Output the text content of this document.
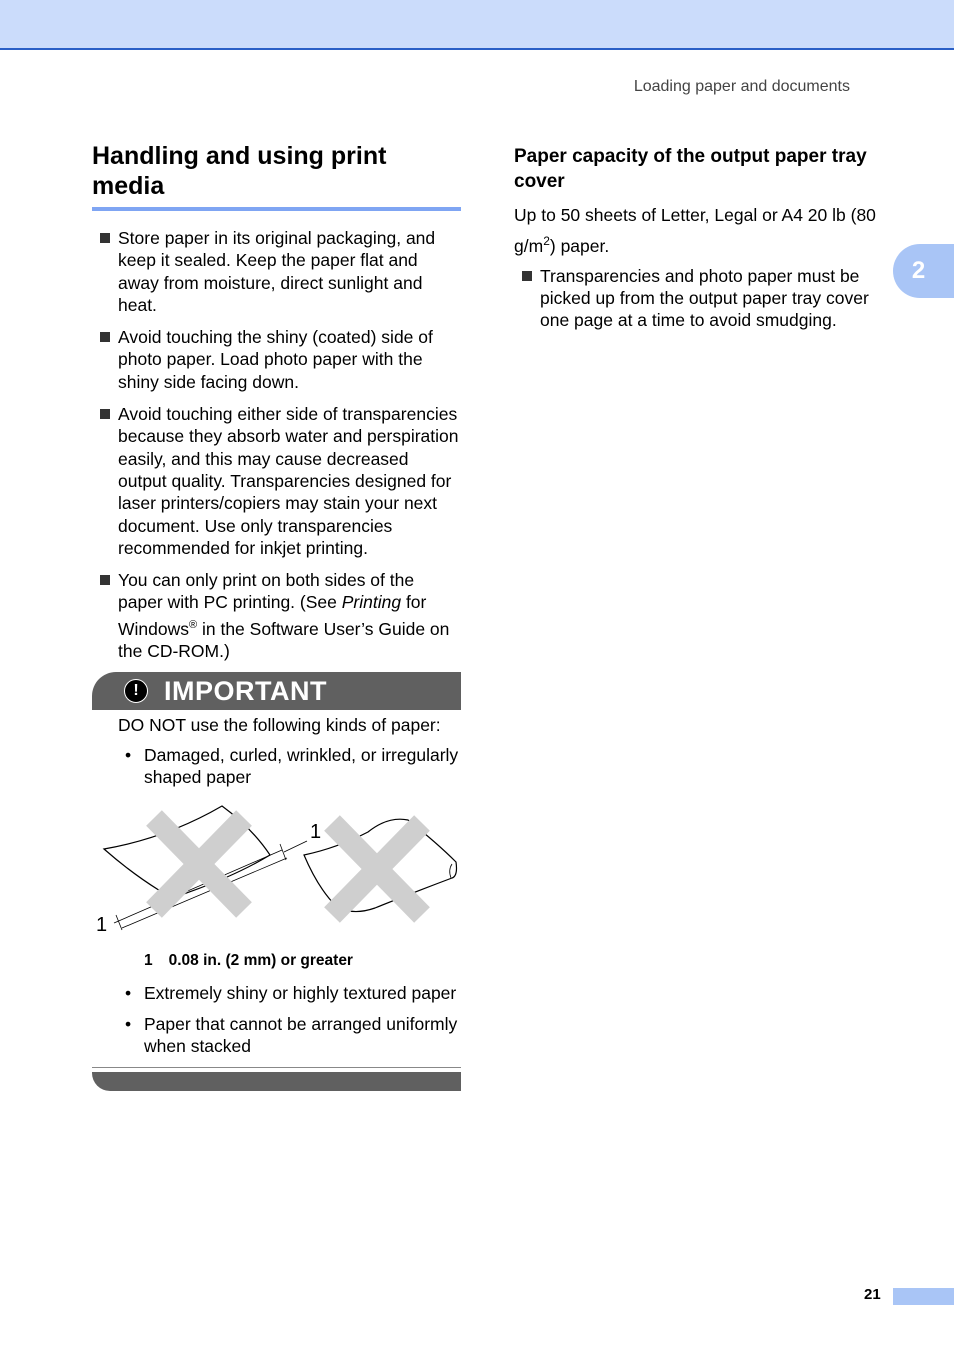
Loading paper and documents
2
Handling and using print media
Store paper in its original packaging, and keep it sealed. Keep the paper flat and away from moisture, direct sunlight and heat.
Avoid touching the shiny (coated) side of photo paper. Load photo paper with the shiny side facing down.
Avoid touching either side of transparencies because they absorb water and perspiration easily, and this may cause decreased output quality. Transparencies designed for laser printers/copiers may stain your next document. Use only transparencies recommended for inkjet printing.
You can only print on both sides of the paper with PC printing. (See Printing for Windows® in the Software User’s Guide on the CD-ROM.)
! IMPORTANT
DO NOT use the following kinds of paper:
• Damaged, curled, wrinkled, or irregularly shaped paper
1
1
1 0.08 in. (2 mm) or greater
• Extremely shiny or highly textured paper
• Paper that cannot be arranged uniformly when stacked
Paper capacity of the output paper tray cover

Up to 50 sheets of Letter, Legal or A4 20 lb (80 $g/m^2$) paper.

Transparencies and photo paper must be picked up from the output paper tray cover one page at a time to avoid smudging.
21
